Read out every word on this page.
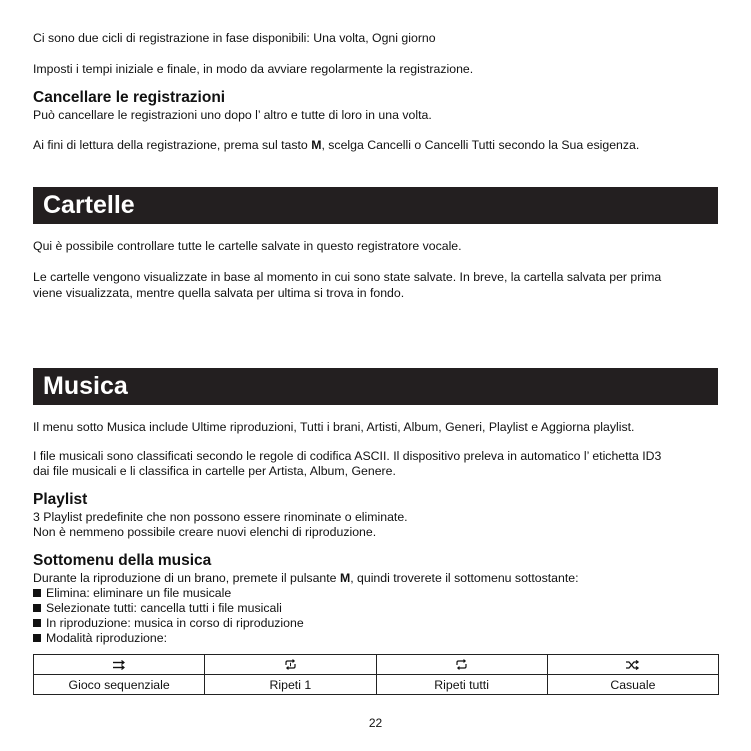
Ci sono due cicli di registrazione in fase disponibili: Una volta, Ogni giorno
Imposti i tempi iniziale e finale, in modo da avviare regolarmente la registrazione.
Cancellare le registrazioni
Può cancellare le registrazioni uno dopo l’ altro e tutte di loro in una volta.
Ai fini di lettura della registrazione, prema sul tasto M, scelga Cancelli o Cancelli Tutti secondo la Sua esigenza.
Cartelle
Qui è possibile controllare tutte le cartelle salvate in questo registratore vocale.
Le cartelle vengono visualizzate in base al momento in cui sono state salvate. In breve, la cartella salvata per prima
viene visualizzata, mentre quella salvata per ultima si trova in fondo.
Musica
Il menu sotto Musica include Ultime riproduzioni, Tutti i brani, Artisti, Album, Generi, Playlist e Aggiorna playlist.
I file musicali sono classificati secondo le regole di codifica ASCII. Il dispositivo preleva in automatico l’ etichetta ID3
dai file musicali e li classifica in cartelle per Artista, Album, Genere.
Playlist
3 Playlist predefinite che non possono essere rinominate o eliminate.
Non è nemmeno possibile creare nuovi elenchi di riproduzione.
Sottomenu della musica
Durante la riproduzione di un brano, premete il pulsante M, quindi troverete il sottomenu sottostante:
Elimina: eliminare un file musicale
Selezionate tutti: cancella tutti i file musicali
In riproduzione: musica in corso di riproduzione
Modalità riproduzione:

Gioco sequenziale	Ripeti 1	Ripeti tutti	Casuale
22
